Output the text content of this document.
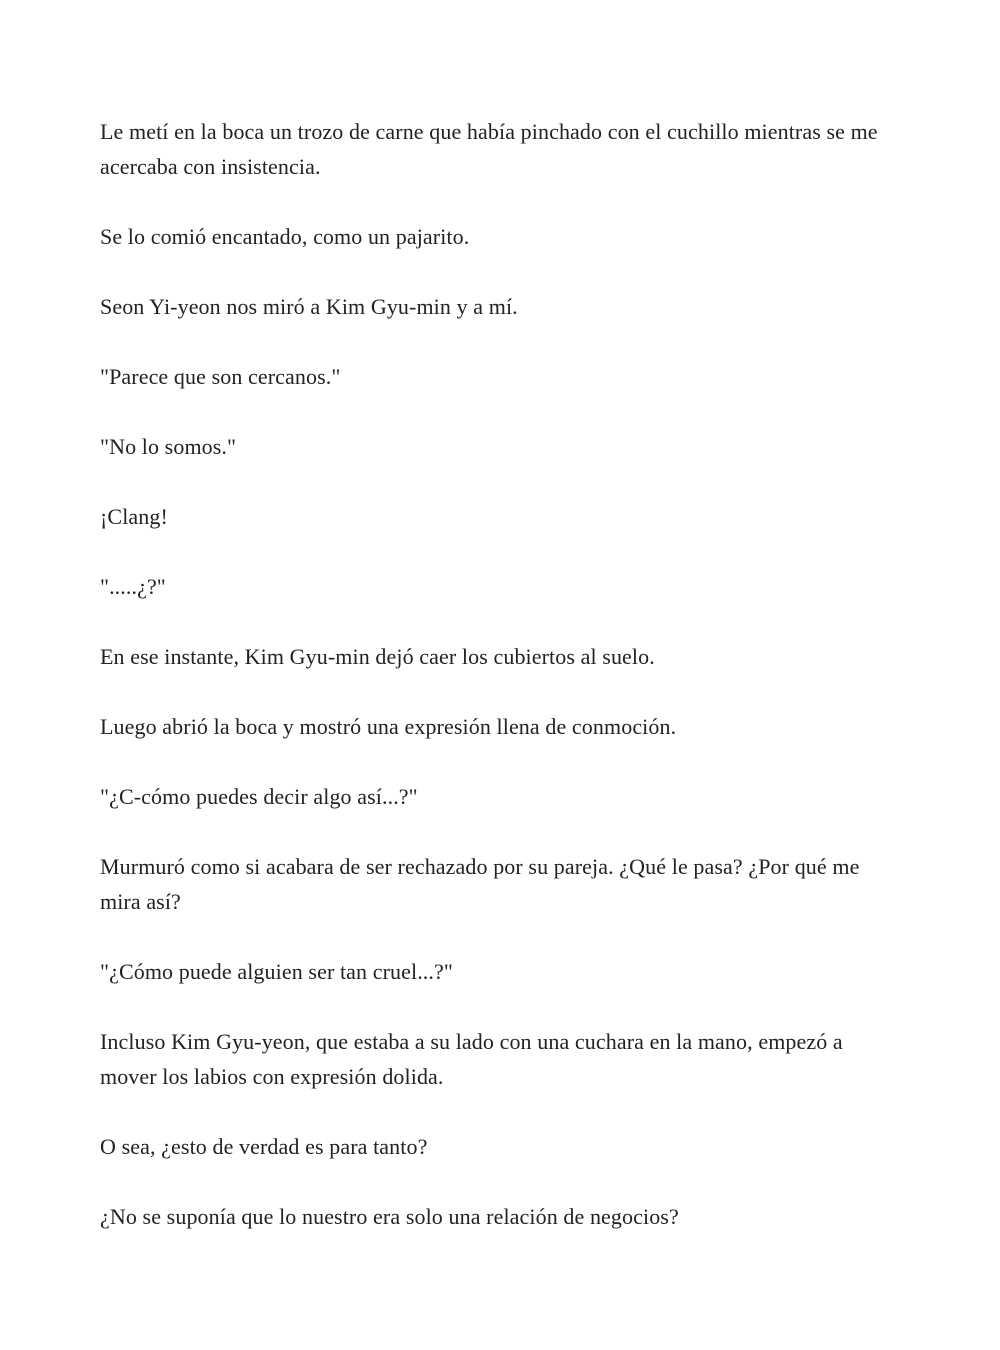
Le metí en la boca un trozo de carne que había pinchado con el cuchillo mientras se me acercaba con insistencia.

Se lo comió encantado, como un pajarito.

Seon Yi-yeon nos miró a Kim Gyu-min y a mí.

"Parece que son cercanos."

"No lo somos."

¡Clang!

".....¿?"

En ese instante, Kim Gyu-min dejó caer los cubiertos al suelo.

Luego abrió la boca y mostró una expresión llena de conmoción.

"¿C-cómo puedes decir algo así...?"

Murmuró como si acabara de ser rechazado por su pareja. ¿Qué le pasa? ¿Por qué me mira así?

"¿Cómo puede alguien ser tan cruel...?"

Incluso Kim Gyu-yeon, que estaba a su lado con una cuchara en la mano, empezó a mover los labios con expresión dolida.

O sea, ¿esto de verdad es para tanto?

¿No se suponía que lo nuestro era solo una relación de negocios?
